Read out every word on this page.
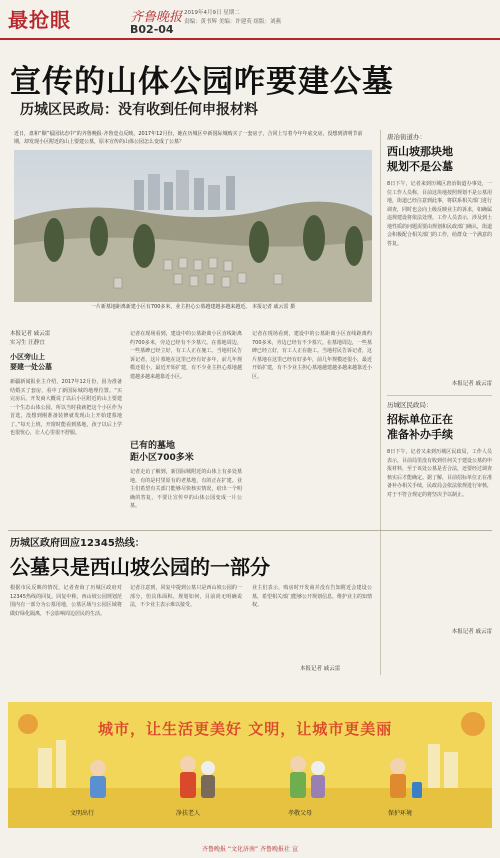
最抢眼	齐鲁晚报
B02-04
2019年4月9日 星期二
责编：黄书辉 美编：许建英 组版：刘燕
宣传的山体公园咋要建公墓
历城区民政局：没有收到任何申报材料
近日，盘和“顺”福园状态中“的齐鲁晚报·齐鲁壹点反映，2017年12月份，她在历城区中新国际城购买了一套房子，合同上写着今年年底交房，没想到清明节前期，却发现小区附近的山上要建公墓，原本宣传的山体公园怎么变成了公墓？
一片新墓地距离新建小区有700多米，业主担心公墓越建越多越来越近。 本报记者 戚云雷 摄
本报记者 戚云雷
实习生 汪静宜
小区旁山上
要建一处公墓
新疆新闻报业主介绍，2017年12月份，因为准备结婚买了套房，看中了新国际城的地理位置。“买完房后，开发商大概说了以后小区附近的山上要建一个生态山体公园，所以当时我就把这个小区作为首选，没想到刚准备装修就发现山上开始建墓地了。”每天上班，开窗时能看到墓地，孩子以后上学也很忧心，让人心里很不舒服。
记者在现场看到，建设中的公墓距离小区直线距离约700多米，旁边已经有不少墓穴。在墓地周边，一些墓碑已经立好，有工人正在施工。当地村民告诉记者，这片墓地在这里已经有好多年，前几年规模还很小，最近开始扩建，有不少业主担心墓地越建越多越来越靠近小区。
已有的墓地
距小区700多米
记者走访了解到，新国际城附近的山体上有多处墓地，有的是村里原有的老墓地，有的正在扩建。业主们希望有关部门能够尽快核实情况，给出一个明确的答复，不要让宣传中的山体公园变成一片公墓。
记者在现场看到，建设中的公墓距离小区直线距离约700多米，旁边已经有不少墓穴。在墓地周边，一些墓碑已经立好，有工人正在施工。当地村民告诉记者，这片墓地在这里已经有好多年，前几年规模还很小，最近开始扩建，有不少业主担心墓地越建越多越来越靠近小区。
唐冶街道办：
西山坡那块地
规划不是公墓
8日下午，记者来到历城区唐冶街道办事处，一位工作人员称，目前这块地按照规划不是公墓用地，街道已经注意到此事，将联系相关部门进行调查，同时也会向上级反映业主的诉求，如确属违规建设将依法处理。工作人员表示，涉及到土地性质的问题需要由规划和民政部门确认，街道会积极配合相关部门的工作，给群众一个满意的答复。
本报记者 戚云雷
历城区民政局：
招标单位正在
准备补办手续
8日下午，记者又来到历城区民政局，工作人员表示，目前局里没有收到任何关于建设公墓的申报材料，至于该处公墓是否合法，还要经过调查核实后才能确定。据了解，目前招标单位正在准备补办相关手续，民政局会依法依规进行审核，对于不符合规定的将坚决予以制止。
本报记者 戚云雷
历城区政府回应12345热线：
公墓只是西山坡公园的一部分
根据市民反映的情况，记者查询了历城区政府对12345热线的回复。回复中称，西山坡公园规划范围内有一部分为公墓用地，公墓区域与公园区域将做好绿化隔离，不会影响周边居民的生活。
记者注意到，回复中提到公墓只是西山坡公园的一部分，但具体面积、规划如何，目前尚无明确说法，不少业主表示难以接受。
业主们表示，购房时开发商并没有告知附近会建设公墓，希望相关部门能够公开规划信息，维护业主的知情权。
本报记者 戚云雷
城市，让生活更美好 文明，让城市更美丽
文明出行	净扶老人	孝敬父母	保护环境
齐鲁晚报 “文化济南” 齐鲁晚报社 宣
